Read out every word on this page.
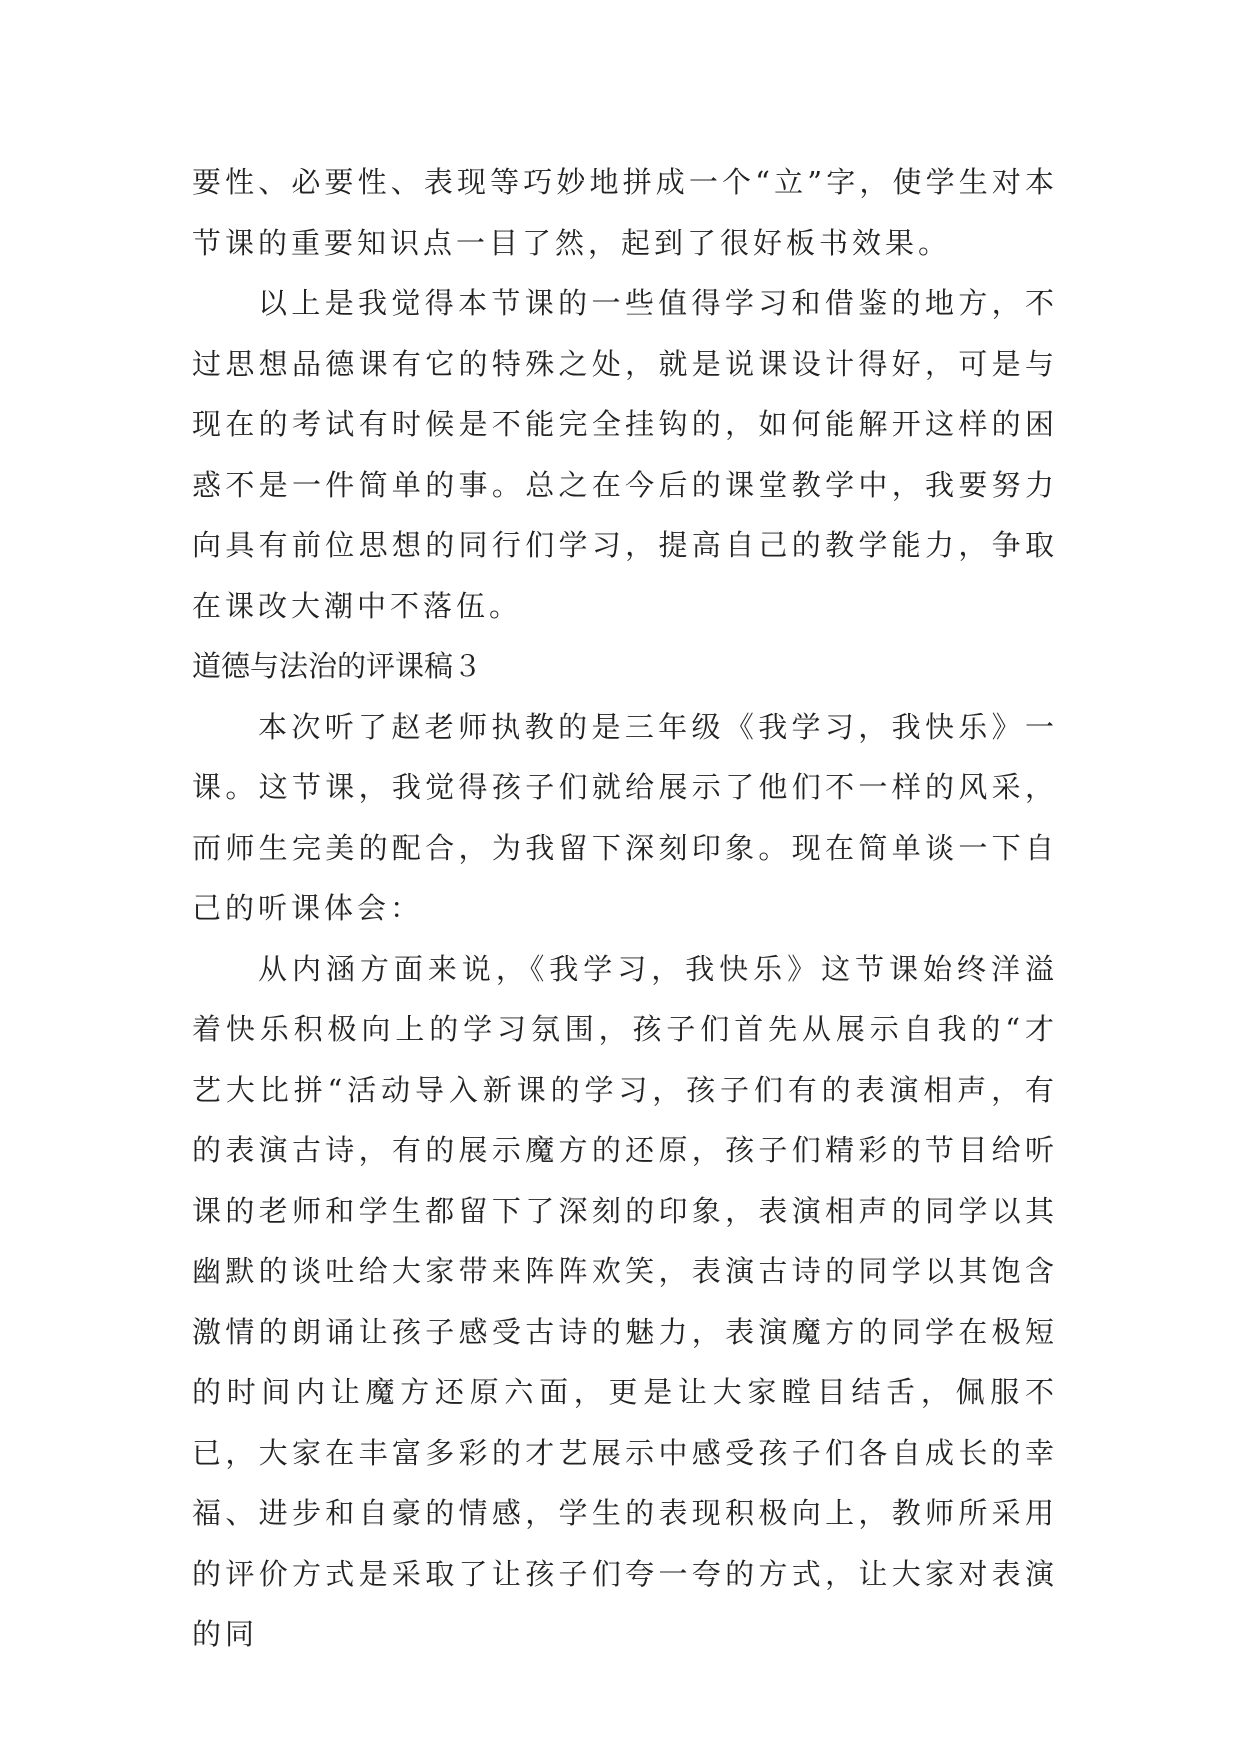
要性、必要性、表现等巧妙地拼成一个“立”字，使学生对本节课的重要知识点一目了然，起到了很好板书效果。

以上是我觉得本节课的一些值得学习和借鉴的地方，不过思想品德课有它的特殊之处，就是说课设计得好，可是与现在的考试有时候是不能完全挂钩的，如何能解开这样的困惑不是一件简单的事。总之在今后的课堂教学中，我要努力向具有前位思想的同行们学习，提高自己的教学能力，争取在课改大潮中不落伍。

道德与法治的评课稿３

本次听了赵老师执教的是三年级《我学习，我快乐》一课。这节课，我觉得孩子们就给展示了他们不一样的风采，而师生完美的配合，为我留下深刻印象。现在简单谈一下自己的听课体会：

从内涵方面来说，《我学习，我快乐》这节课始终洋溢着快乐积极向上的学习氛围，孩子们首先从展示自我的“才艺大比拼“活动导入新课的学习，孩子们有的表演相声，有的表演古诗，有的展示魔方的还原，孩子们精彩的节目给听课的老师和学生都留下了深刻的印象，表演相声的同学以其幽默的谈吐给大家带来阵阵欢笑，表演古诗的同学以其饱含激情的朗诵让孩子感受古诗的魅力，表演魔方的同学在极短的时间内让魔方还原六面，更是让大家瞠目结舌，佩服不已，大家在丰富多彩的才艺展示中感受孩子们各自成长的幸福、进步和自豪的情感，学生的表现积极向上，教师所采用的评价方式是采取了让孩子们夸一夸的方式，让大家对表演的同
